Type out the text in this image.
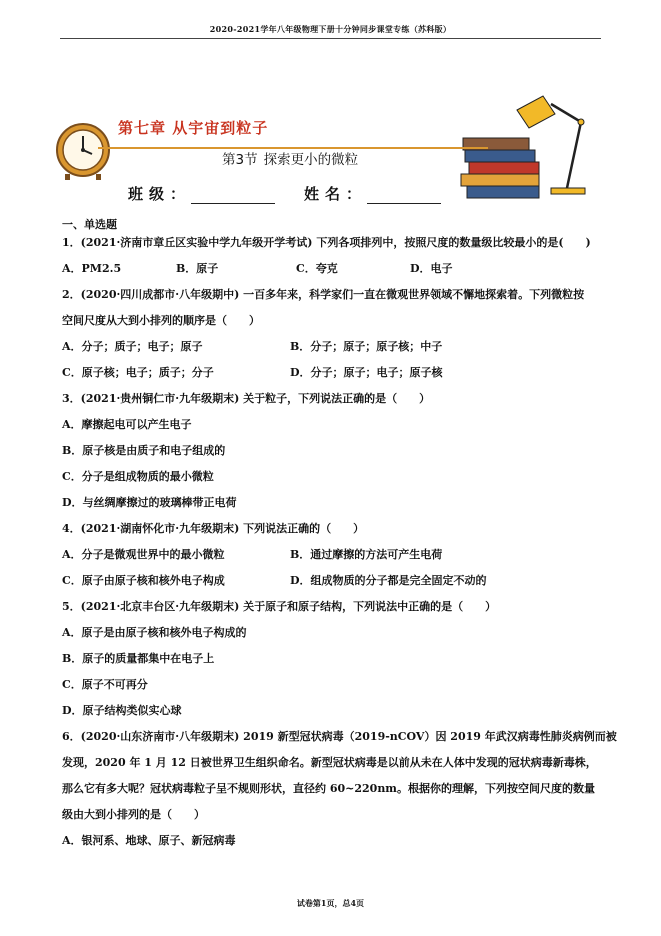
2020-2021学年八年级物理下册十分钟同步课堂专练（苏科版）
第七章 从宇宙到粒子
第3节 探索更小的微粒
班级：	姓名：
一、单选题
1．(2021·济南市章丘区实验中学九年级开学考试) 下列各项排列中，按照尺度的数量级比较最小的是(　　)
A．PM2.5	B．原子	C．夸克	D．电子
2．(2020·四川成都市·八年级期中) 一百多年来，科学家们一直在微观世界领域不懈地探索着。下列微粒按
空间尺度从大到小排列的顺序是（　　）
A．分子；质子；电子；原子	B．分子；原子；原子核；中子
C．原子核；电子；质子；分子	D．分子；原子；电子；原子核
3．(2021·贵州铜仁市·九年级期末) 关于粒子，下列说法正确的是（　　）
A．摩擦起电可以产生电子
B．原子核是由质子和电子组成的
C．分子是组成物质的最小微粒
D．与丝绸摩擦过的玻璃棒带正电荷
4．(2021·湖南怀化市·九年级期末) 下列说法正确的（　　）
A．分子是微观世界中的最小微粒	B．通过摩擦的方法可产生电荷
C．原子由原子核和核外电子构成	D．组成物质的分子都是完全固定不动的
5．(2021·北京丰台区·九年级期末) 关于原子和原子结构，下列说法中正确的是（　　）
A．原子是由原子核和核外电子构成的
B．原子的质量都集中在电子上
C．原子不可再分
D．原子结构类似实心球
6．(2020·山东济南市·八年级期末) 2019 新型冠状病毒（2019-nCOV）因 2019 年武汉病毒性肺炎病例而被
发现，2020 年 1 月 12 日被世界卫生组织命名。新型冠状病毒是以前从未在人体中发现的冠状病毒新毒株，
那么它有多大呢？冠状病毒粒子呈不规则形状，直径约 60~220nm。根据你的理解，下列按空间尺度的数量
级由大到小排列的是（　　）
A．银河系、地球、原子、新冠病毒
试卷第1页，总4页
